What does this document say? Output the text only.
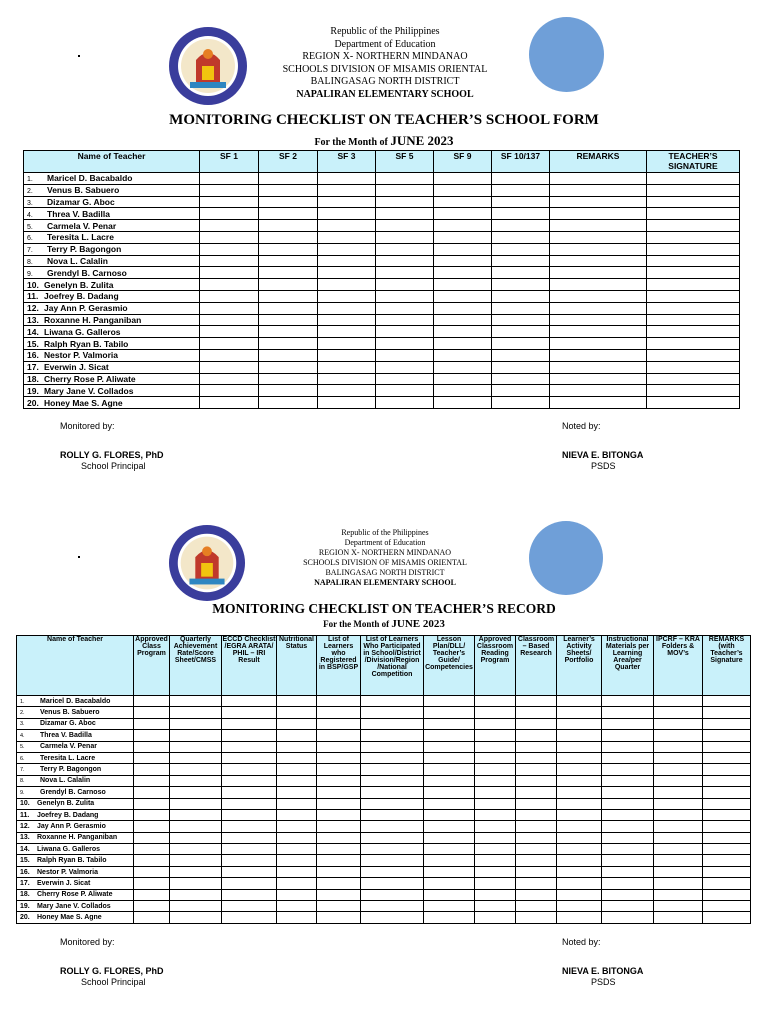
Republic of the Philippines
Department of Education
REGION X- NORTHERN MINDANAO
SCHOOLS DIVISION OF MISAMIS ORIENTAL
BALINGASAG NORTH DISTRICT
NAPALIRAN ELEMENTARY SCHOOL
MONITORING CHECKLIST ON TEACHER’S SCHOOL FORM
For the Month of JUNE 2023
Name of Teacher	SF 1	SF 2	SF 3	SF 5	SF 9	SF 10/137	REMARKS	TEACHER’S SIGNATURE
1. Maricel D. Bacabaldo								
2. Venus B. Sabuero								
3. Dizamar G. Aboc								
4. Threa V. Badilla								
5. Carmela V. Penar								
6. Teresita L. Lacre								
7. Terry P. Bagongon								
8. Nova L. Calalin								
9. Grendyl B. Carnoso								
10. Genelyn B. Zulita								
11. Joefrey B. Dadang								
12. Jay Ann P. Gerasmio								
13. Roxanne H. Panganiban								
14. Liwana G. Galleros								
15. Ralph Ryan B. Tabilo								
16. Nestor P. Valmoria								
17. Everwin J. Sicat								
18. Cherry Rose P. Aliwate								
19. Mary Jane V. Collados								
20. Honey Mae S. Agne								
Monitored by:
ROLLY G. FLORES, PhD
School Principal
Noted by:
NIEVA E. BITONGA
PSDS
Republic of the Philippines
Department of Education
REGION X- NORTHERN MINDANAO
SCHOOLS DIVISION OF MISAMIS ORIENTAL
BALINGASAG NORTH DISTRICT
NAPALIRAN ELEMENTARY SCHOOL
MONITORING CHECKLIST ON TEACHER’S RECORD
For the Month of JUNE 2023
Name of Teacher	Approved Class Program	Quarterly Achievement Rate/Score Sheet/CMSS	ECCD Checklist /EGRA ARATA/ PHIL – IRI Result	Nutritional Status	List of Learners who Registered in BSP/GSP	List of Learners Who Participated in School/District /Division/Region /National Competition	Lesson Plan/DLL/ Teacher’s Guide/ Competencies	Approved Classroom Reading Program	Classroom – Based Research	Learner’s Activity Sheets/ Portfolio	Instructional Materials per Learning Area/per Quarter	IPCRF – KRA Folders & MOV’s	REMARKS (with Teacher’s Signature
1. Maricel D. Bacabaldo													
2. Venus B. Sabuero													
3. Dizamar G. Aboc													
4. Threa V. Badilla													
5. Carmela V. Penar													
6. Teresita L. Lacre													
7. Terry P. Bagongon													
8. Nova L. Calalin													
9. Grendyl B. Carnoso													
10. Genelyn B. Zulita													
11. Joefrey B. Dadang													
12. Jay Ann P. Gerasmio													
13. Roxanne H. Panganiban													
14. Liwana G. Galleros													
15. Ralph Ryan B. Tabilo													
16. Nestor P. Valmoria													
17. Everwin J. Sicat													
18. Cherry Rose P. Aliwate													
19. Mary Jane V. Collados													
20. Honey Mae S. Agne													
Monitored by:
ROLLY G. FLORES, PhD
School Principal
Noted by:
NIEVA E. BITONGA
PSDS
